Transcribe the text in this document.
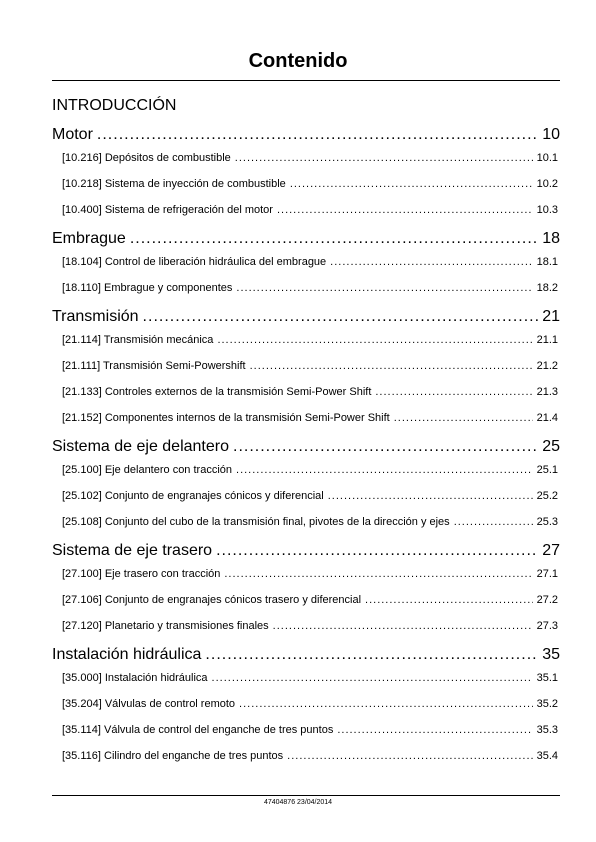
Contenido
INTRODUCCIÓN
Motor .....	10
[10.216] Depósitos de combustible .....	10.1
[10.218] Sistema de inyección de combustible .....	10.2
[10.400] Sistema de refrigeración del motor .....	10.3
Embrague .....	18
[18.104] Control de liberación hidráulica del embrague .....	18.1
[18.110] Embrague y componentes .....	18.2
Transmisión .....	21
[21.114] Transmisión mecánica .....	21.1
[21.111] Transmisión Semi-Powershift .....	21.2
[21.133] Controles externos de la transmisión Semi-Power Shift .....	21.3
[21.152] Componentes internos de la transmisión Semi-Power Shift .....	21.4
Sistema de eje delantero .....	25
[25.100] Eje delantero con tracción .....	25.1
[25.102] Conjunto de engranajes cónicos y diferencial .....	25.2
[25.108] Conjunto del cubo de la transmisión final, pivotes de la dirección y ejes .....	25.3
Sistema de eje trasero .....	27
[27.100] Eje trasero con tracción .....	27.1
[27.106] Conjunto de engranajes cónicos trasero y diferencial .....	27.2
[27.120] Planetario y transmisiones finales .....	27.3
Instalación hidráulica .....	35
[35.000] Instalación hidráulica .....	35.1
[35.204] Válvulas de control remoto .....	35.2
[35.114] Válvula de control del enganche de tres puntos .....	35.3
[35.116] Cilindro del enganche de tres puntos .....	35.4
47404876 23/04/2014
